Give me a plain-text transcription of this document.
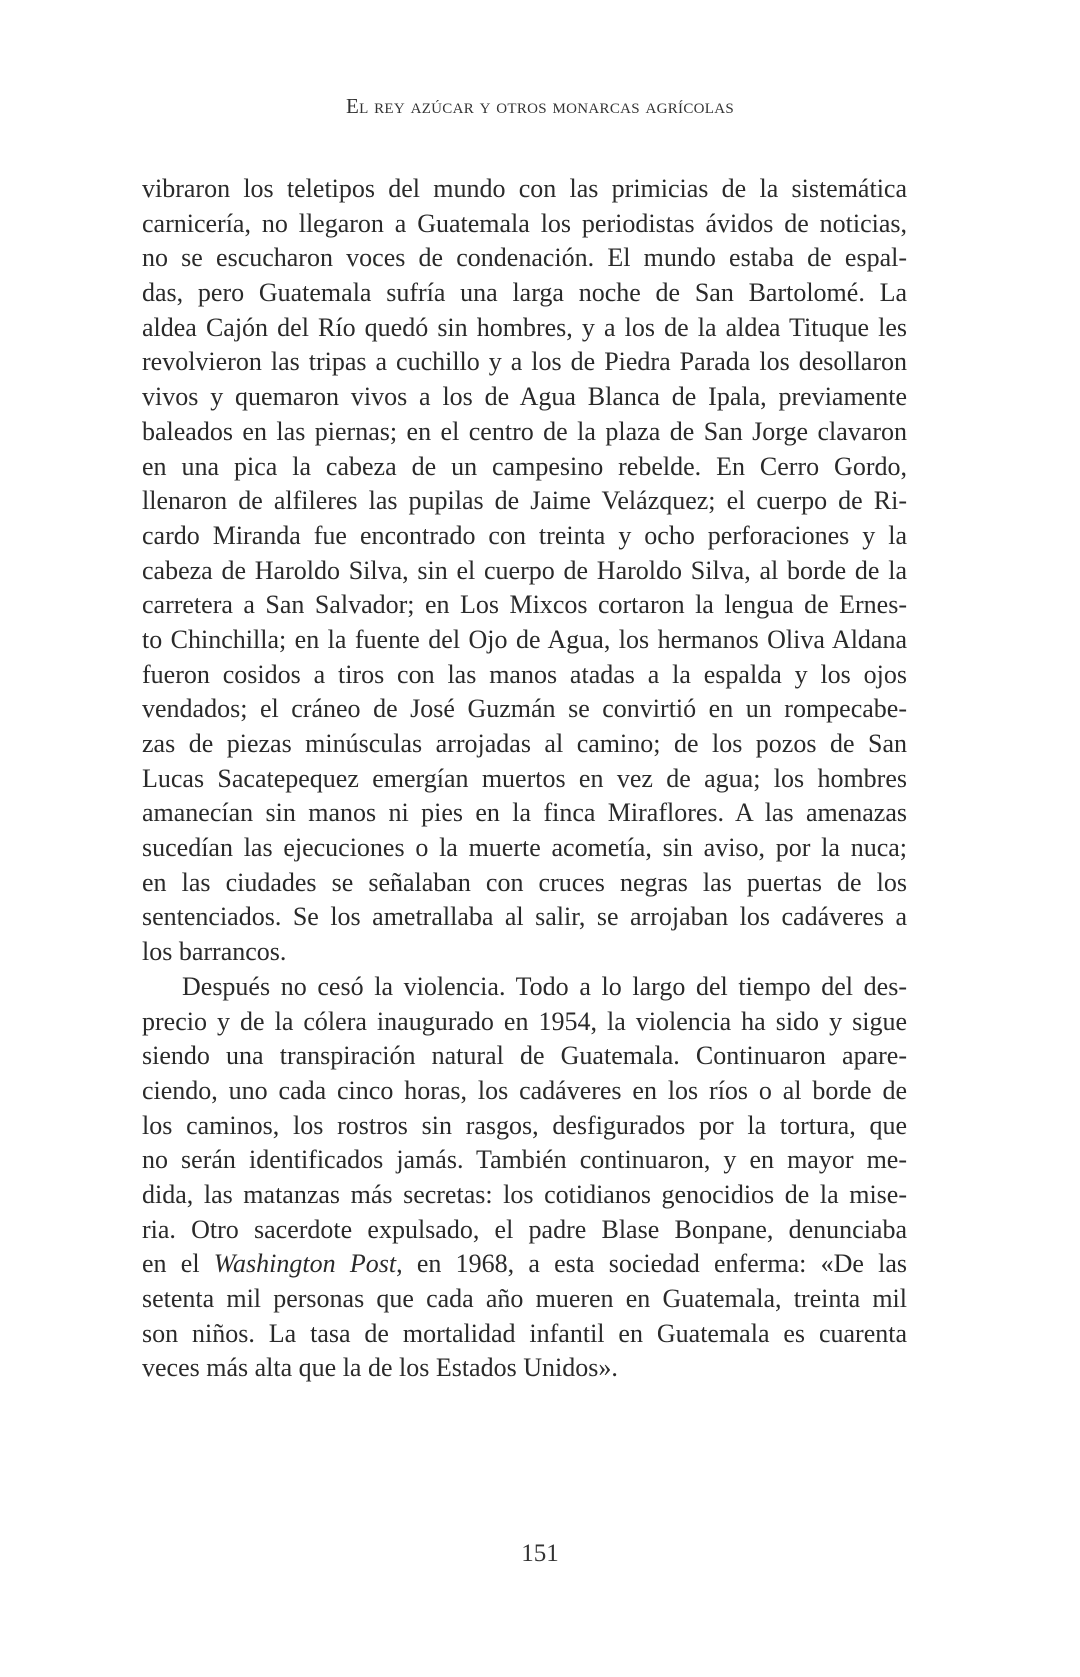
El rey azúcar y otros monarcas agrícolas
vibraron los teletipos del mundo con las primicias de la sistemática
carnicería, no llegaron a Guatemala los periodistas ávidos de noticias,
no se escucharon voces de condenación. El mundo estaba de espal-
das, pero Guatemala sufría una larga noche de San Bartolomé. La
aldea Cajón del Río quedó sin hombres, y a los de la aldea Tituque les
revolvieron las tripas a cuchillo y a los de Piedra Parada los desollaron
vivos y quemaron vivos a los de Agua Blanca de Ipala, previamente
baleados en las piernas; en el centro de la plaza de San Jorge clavaron
en una pica la cabeza de un campesino rebelde. En Cerro Gordo,
llenaron de alfileres las pupilas de Jaime Velázquez; el cuerpo de Ri-
cardo Miranda fue encontrado con treinta y ocho perforaciones y la
cabeza de Haroldo Silva, sin el cuerpo de Haroldo Silva, al borde de la
carretera a San Salvador; en Los Mixcos cortaron la lengua de Ernes-
to Chinchilla; en la fuente del Ojo de Agua, los hermanos Oliva Aldana
fueron cosidos a tiros con las manos atadas a la espalda y los ojos
vendados; el cráneo de José Guzmán se convirtió en un rompecabe-
zas de piezas minúsculas arrojadas al camino; de los pozos de San
Lucas Sacatepequez emergían muertos en vez de agua; los hombres
amanecían sin manos ni pies en la finca Miraflores. A las amenazas
sucedían las ejecuciones o la muerte acometía, sin aviso, por la nuca;
en las ciudades se señalaban con cruces negras las puertas de los
sentenciados. Se los ametrallaba al salir, se arrojaban los cadáveres a
los barrancos.
Después no cesó la violencia. Todo a lo largo del tiempo del des-
precio y de la cólera inaugurado en 1954, la violencia ha sido y sigue
siendo una transpiración natural de Guatemala. Continuaron apare-
ciendo, uno cada cinco horas, los cadáveres en los ríos o al borde de
los caminos, los rostros sin rasgos, desfigurados por la tortura, que
no serán identificados jamás. También continuaron, y en mayor me-
dida, las matanzas más secretas: los cotidianos genocidios de la mise-
ria. Otro sacerdote expulsado, el padre Blase Bonpane, denunciaba
en el Washington Post, en 1968, a esta sociedad enferma: «De las
setenta mil personas que cada año mueren en Guatemala, treinta mil
son niños. La tasa de mortalidad infantil en Guatemala es cuarenta
veces más alta que la de los Estados Unidos».
151
